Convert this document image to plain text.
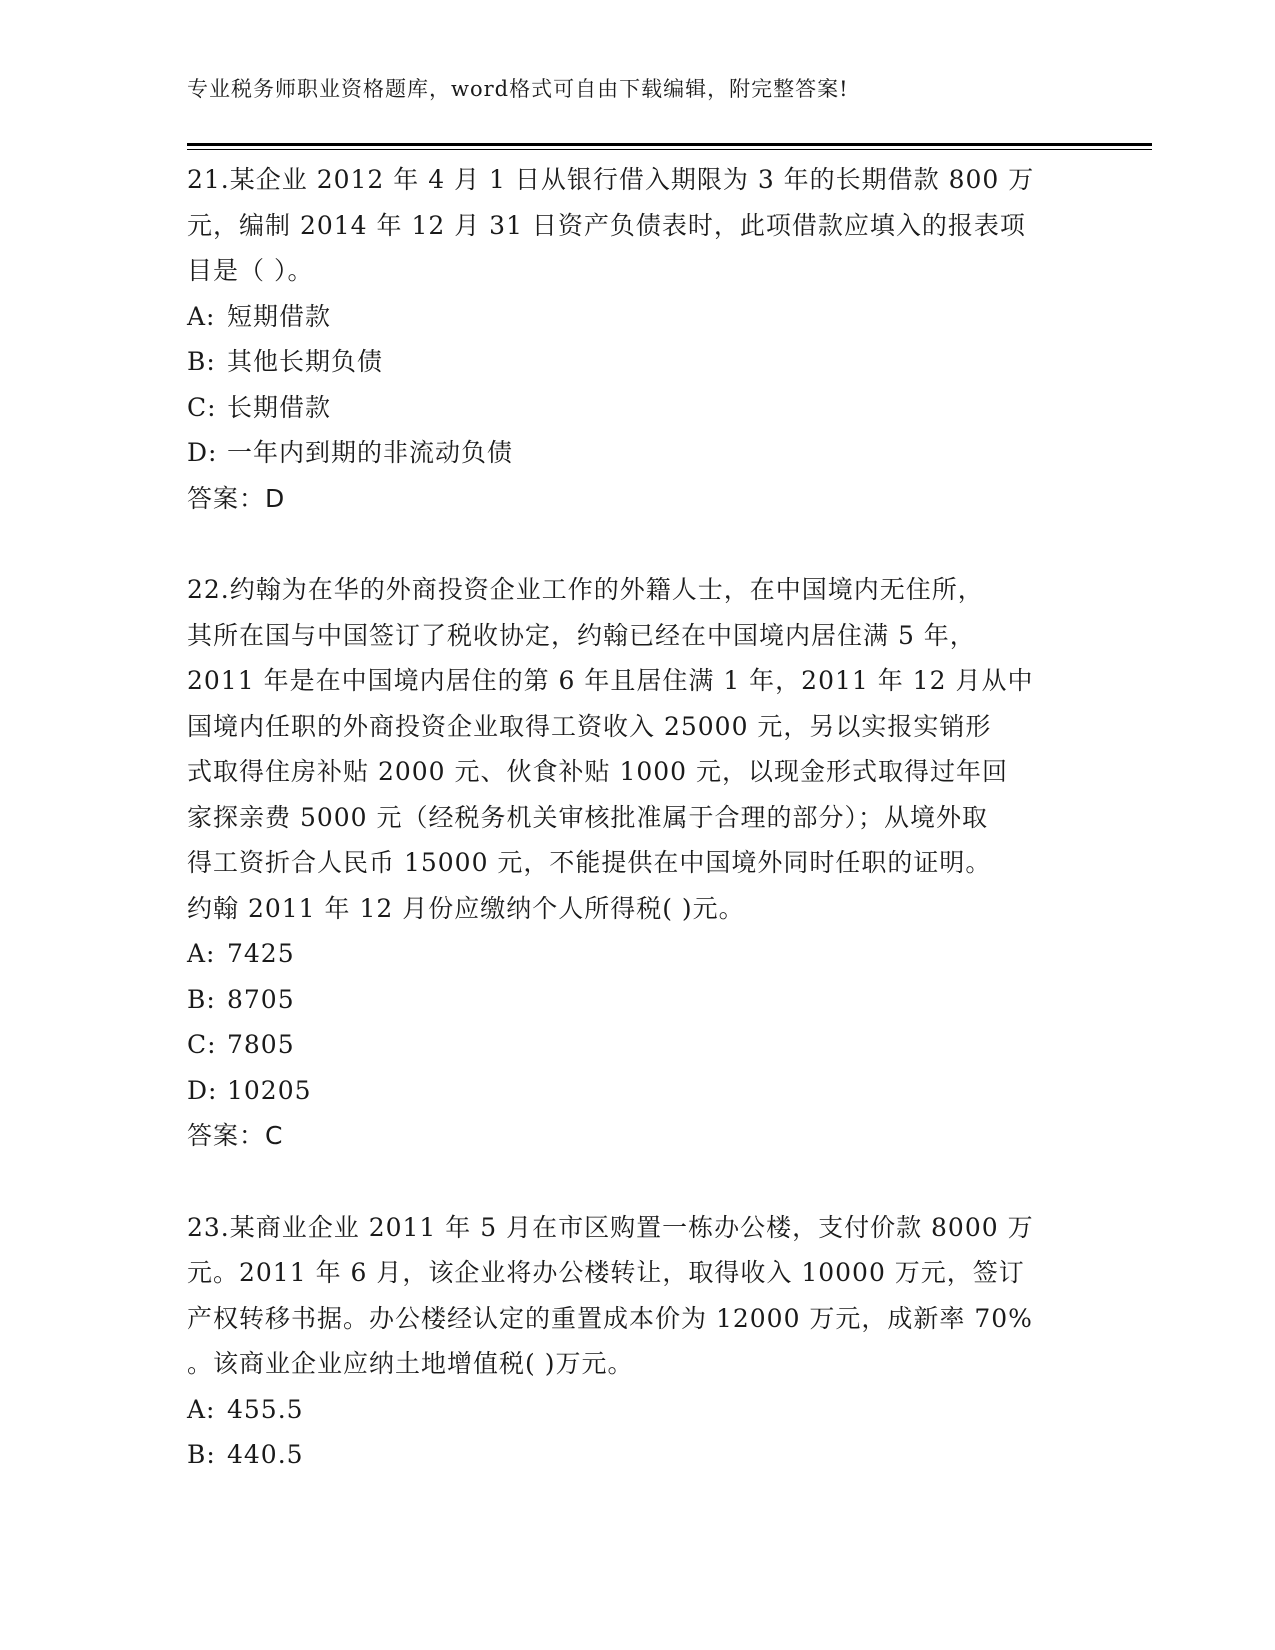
专业税务师职业资格题库，word格式可自由下载编辑，附完整答案!
21.某企业 2012 年 4 月 1 日从银行借入期限为 3 年的长期借款 800 万
元，编制 2014 年 12 月 31 日资产负债表时，此项借款应填入的报表项
目是（ ）。
A: 短期借款
B: 其他长期负债
C: 长期借款
D: 一年内到期的非流动负债
答案：D
22.约翰为在华的外商投资企业工作的外籍人士，在中国境内无住所，
其所在国与中国签订了税收协定，约翰已经在中国境内居住满 5 年，
2011 年是在中国境内居住的第 6 年且居住满 1 年，2011 年 12 月从中
国境内任职的外商投资企业取得工资收入 25000 元，另以实报实销形
式取得住房补贴 2000 元、伙食补贴 1000 元，以现金形式取得过年回
家探亲费 5000 元（经税务机关审核批准属于合理的部分）；从境外取
得工资折合人民币 15000 元，不能提供在中国境外同时任职的证明。
约翰 2011 年 12 月份应缴纳个人所得税( )元。
A: 7425
B: 8705
C: 7805
D: 10205
答案：C
23.某商业企业 2011 年 5 月在市区购置一栋办公楼，支付价款 8000 万
元。2011 年 6 月，该企业将办公楼转让，取得收入 10000 万元，签订
产权转移书据。办公楼经认定的重置成本价为 12000 万元，成新率 70%
。该商业企业应纳土地增值税( )万元。
A: 455.5
B: 440.5
